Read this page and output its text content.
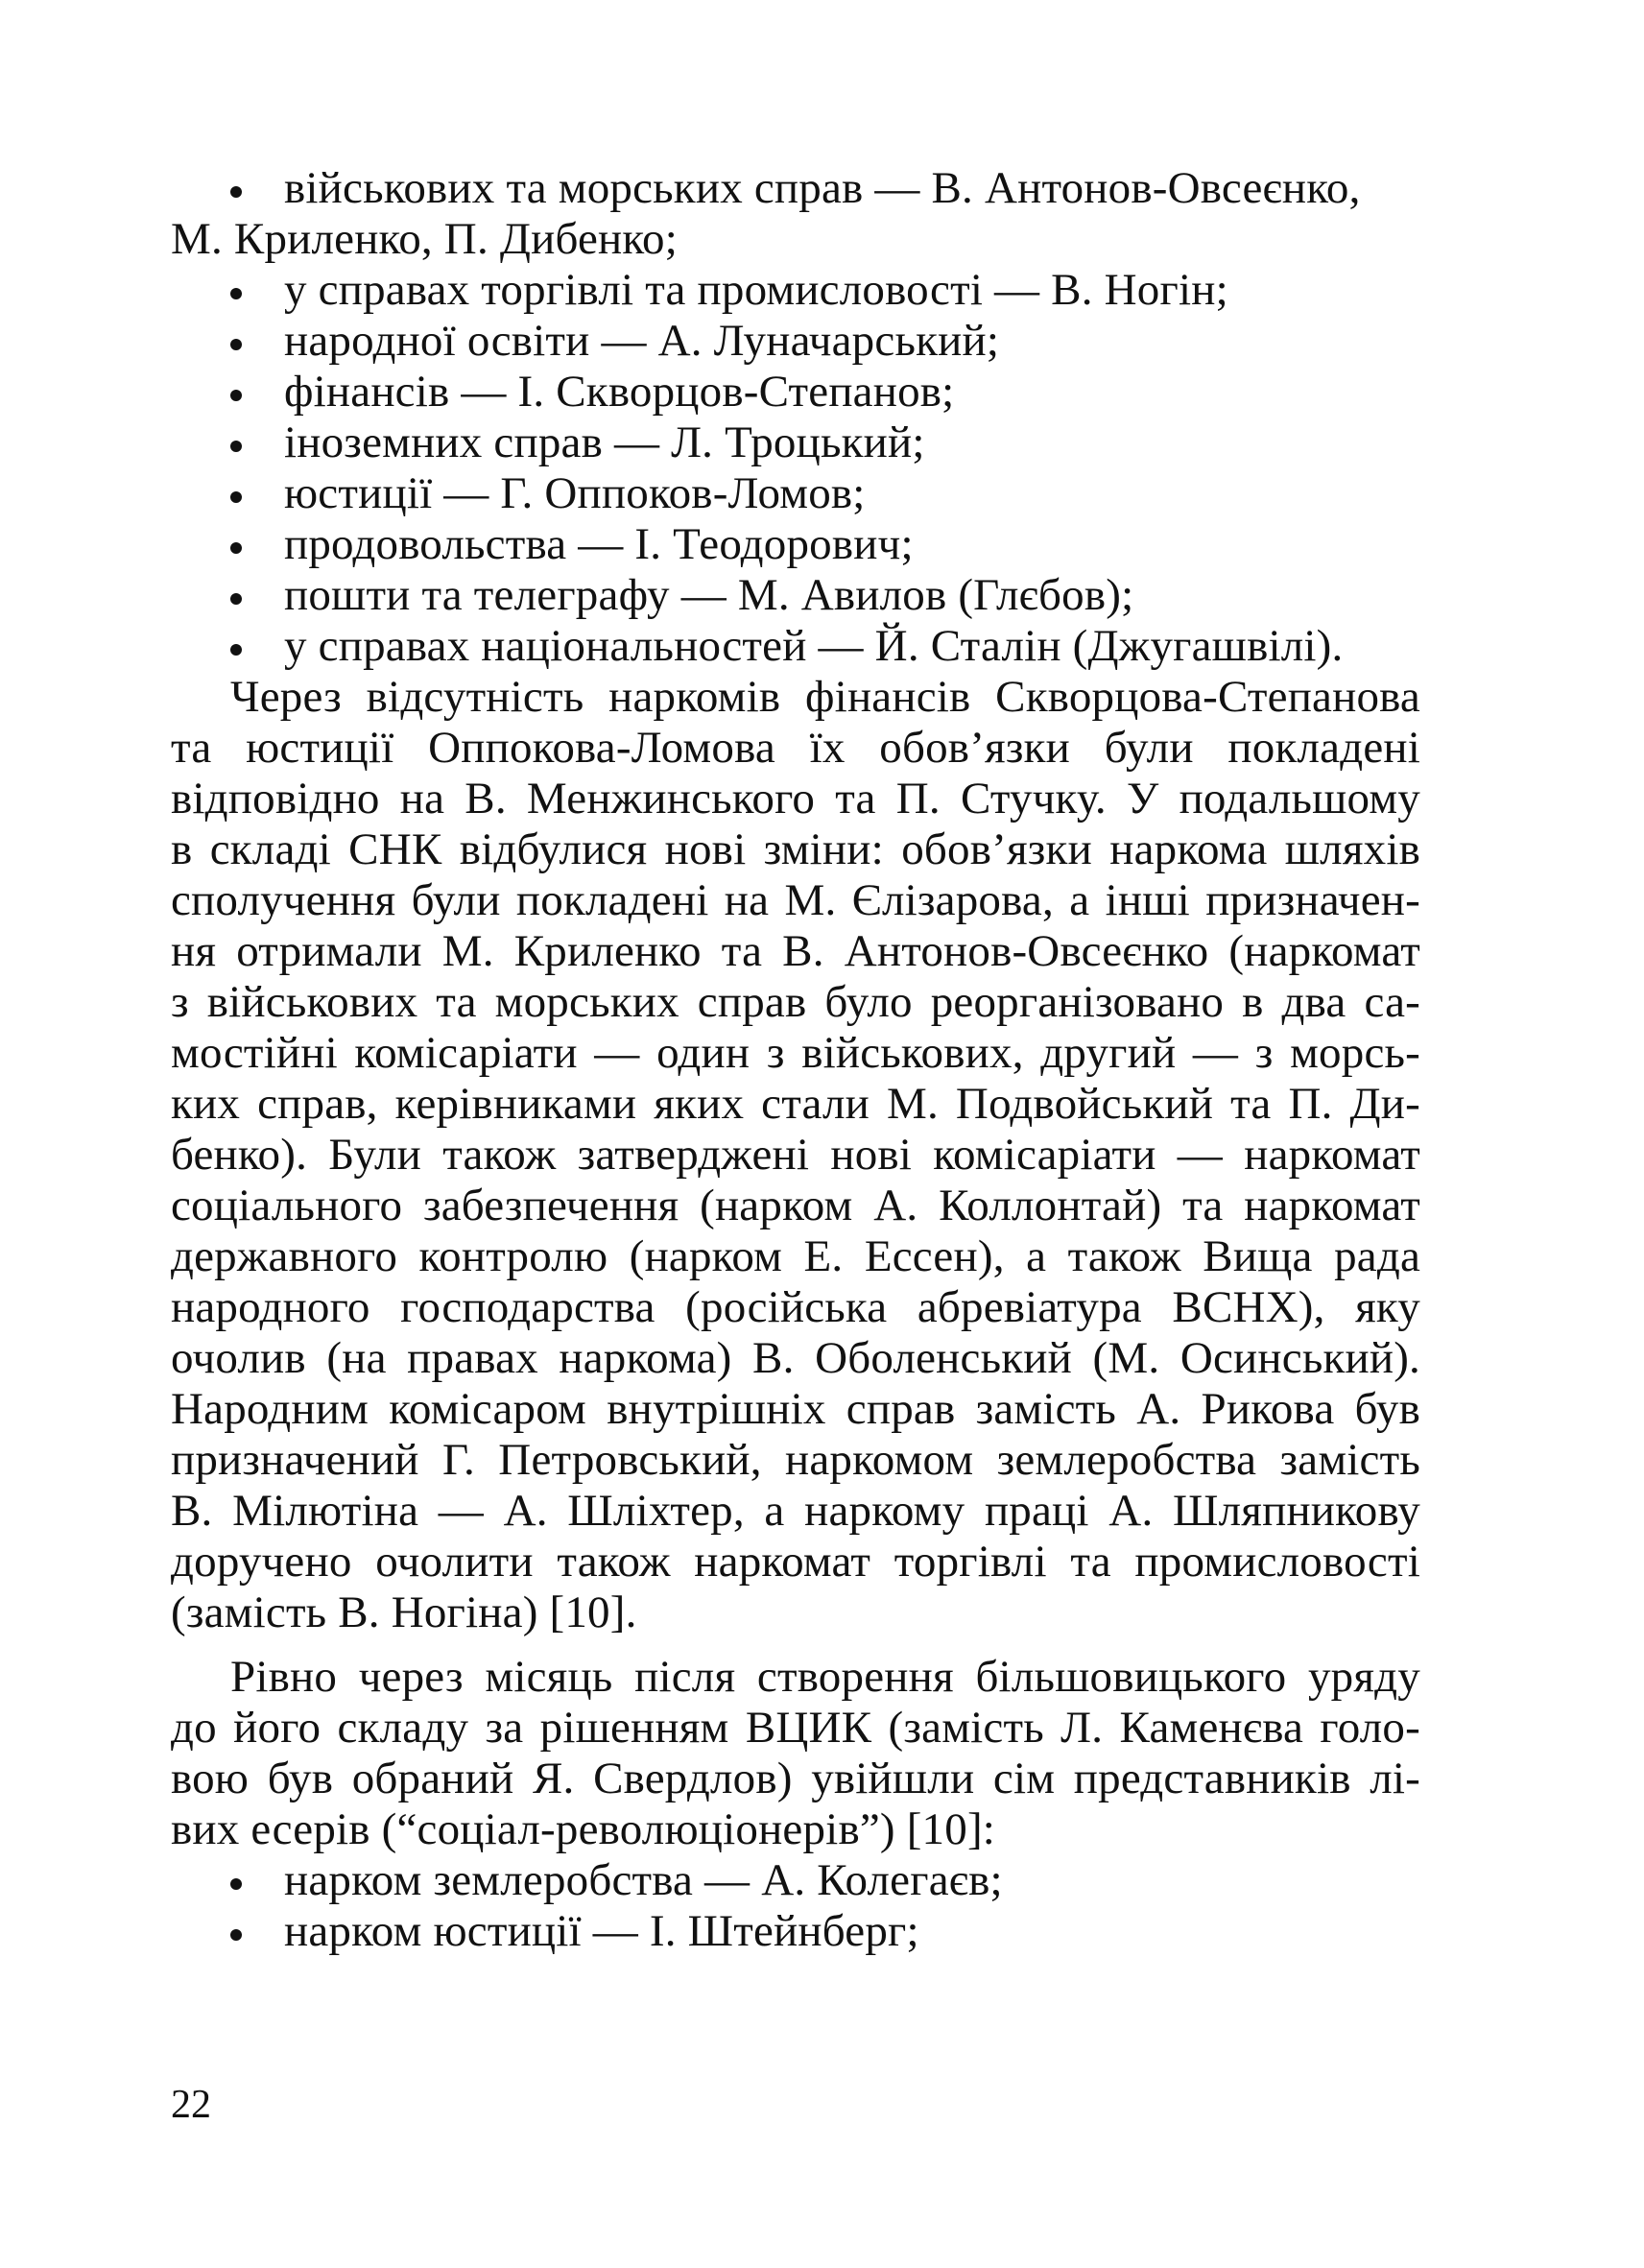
військових та морських справ — В. Антонов-Овсеєнко,
М. Криленко, П. Дибенко;
у справах торгівлі та промисловості — В. Ногін;
народної освіти — А. Луначарський;
фінансів — І. Скворцов-Степанов;
іноземних справ — Л. Троцький;
юстиції — Г. Оппоков-Ломов;
продовольства — І. Теодорович;
пошти та телеграфу — М. Авилов (Глєбов);
у справах національностей — Й. Сталін (Джугашвілі).
Через відсутність наркомів фінансів Скворцова-Степанова
та юстиції Оппокова-Ломова їх обов’язки були покладені
відповідно на В. Менжинського та П. Стучку. У подальшому
в складі СНК відбулися нові зміни: обов’язки наркома шляхів
сполучення були покладені на М. Єлізарова, а інші призначен-
ня отримали М. Криленко та В. Антонов-Овсеєнко (наркомат
з військових та морських справ було реорганізовано в два са-
мостійні комісаріати — один з військових, другий — з морсь-
ких справ, керівниками яких стали М. Подвойський та П. Ди-
бенко). Були також затверджені нові комісаріати — наркомат
соціального забезпечення (нарком А. Коллонтай) та наркомат
державного контролю (нарком Е. Ессен), а також Вища рада
народного господарства (російська абревіатура ВСНХ), яку
очолив (на правах наркома) В. Оболенський (М. Осинський).
Народним комісаром внутрішніх справ замість А. Рикова був
призначений Г. Петровський, наркомом землеробства замість
В. Мілютіна — А. Шліхтер, а наркому праці А. Шляпникову
доручено очолити також наркомат торгівлі та промисловості
(замість В. Ногіна) [10].
Рівно через місяць після створення більшовицького уряду
до його складу за рішенням ВЦИК (замість Л. Каменєва голо-
вою був обраний Я. Свердлов) увійшли сім представників лі-
вих есерів (“соціал-революціонерів”) [10]:
нарком землеробства — А. Колегаєв;
нарком юстиції — І. Штейнберг;
22
